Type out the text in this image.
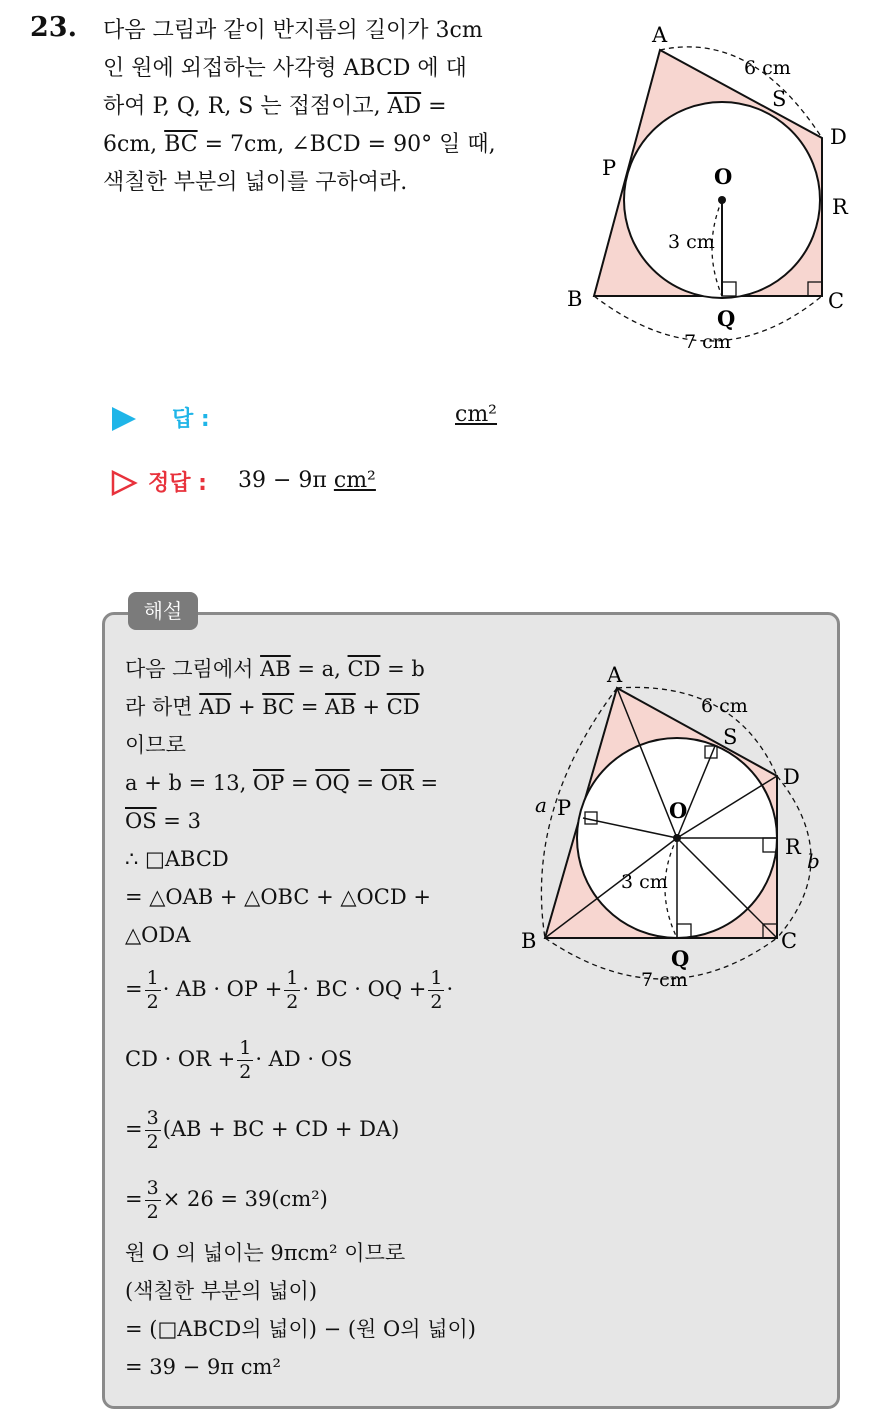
23. 다음 그림과 같이 반지름의 길이가 3cm
인 원에 외접하는 사각형 ABCD 에 대
하여 P, Q, R, S 는 접점이고, $\overline{AD}$ =
6cm, $\overline{BC} = 7cm$, ∠BCD = 90° 일 때,
색칠한 부분의 넓이를 구하여라.
A
B	C
D
O
P
Q
R
S
6 cm
7 cm
3 cm
답 :	cm²
정답 : 39 − 9π cm²
해설
다음 그림에서 $\overline{AB} = a$, $\overline{CD} = b$
라 하면 $\overline{AD} + \overline{BC} = \overline{AB} + \overline{CD}$
이므로
a + b = 13, $\overline{OP} = \overline{OQ} = \overline{OR}$ =
$\overline{OS} = 3$
∴ □ABCD
= △OAB + △OBC + △OCD +
△ODA
= $\frac{1}{2}$ · AB · OP + $\frac{1}{2}$ · BC · OQ + $\frac{1}{2}$ ·
CD · OR + $\frac{1}{2}$ · AD · OS
= $\frac{3}{2} (AB$ + BC + CD + DA)
= $\frac{3}{2} \times 26 = 39(cm^2)$
원 O 의 넓이는 9πcm² 이므로
(색칠한 부분의 넓이)
= (□ABCD의 넓이) − (원 O의 넓이)
= 39 − 9π cm²
A
B	C
D
O
P
Q
R
S
a
b
6 cm
7 cm
3 cm
